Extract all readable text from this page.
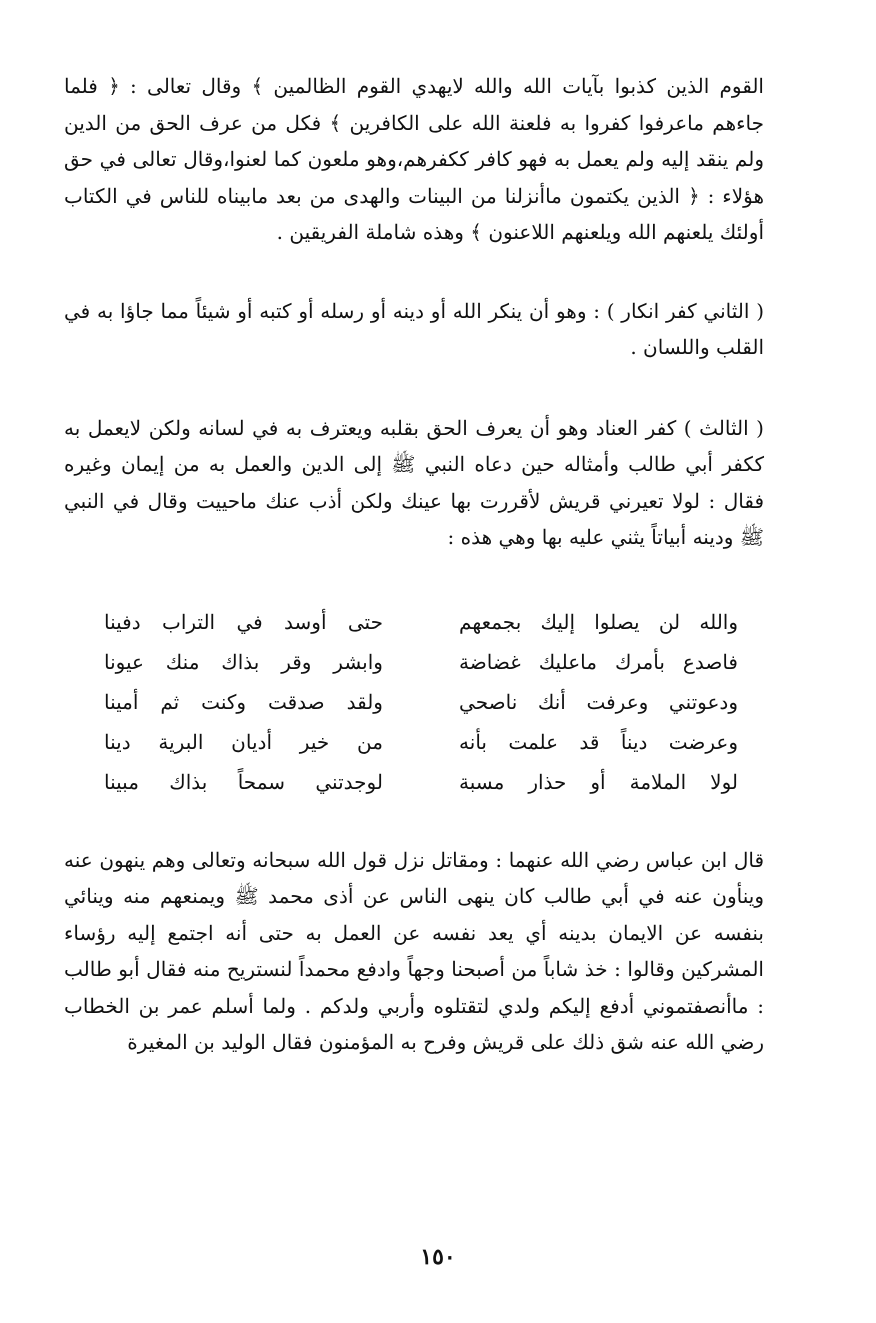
القوم الذين كذبوا بآيات الله والله لايهدي القوم الظالمين ﴾ وقال تعالى : ﴿ فلما جاءهم ماعرفوا كفروا به فلعنة الله على الكافرين ﴾ فكل من عرف الحق من الدين ولم ينقد إليه ولم يعمل به فهو كافر ككفرهم،وهو ملعون كما لعنوا،وقال تعالى في حق هؤلاء : ﴿ الذين يكتمون ماأنزلنا من البينات والهدى من بعد مابيناه للناس في الكتاب أولئك يلعنهم الله ويلعنهم اللاعنون ﴾ وهذه شاملة الفريقين .

( الثاني كفر انكار ) : وهو أن ينكر الله أو دينه أو رسله أو كتبه أو شيئاً مما جاؤا به في القلب واللسان .

( الثالث ) كفر العناد وهو أن يعرف الحق بقلبه ويعترف به في لسانه ولكن لايعمل به ككفر أبي طالب وأمثاله حين دعاه النبي ﷺ إلى الدين والعمل به من إيمان وغيره فقال : لولا تعيرني قريش لأقررت بها عينك ولكن أذب عنك ماحييت وقال في النبي ﷺ ودينه أبياتاً يثني عليه بها وهي هذه :

والله لن يصلوا إليك بجمعهم
حتى أوسد في التراب دفينا
فاصدع بأمرك ماعليك غضاضة
وابشر وقر بذاك منك عيونا
ودعوتني وعرفت أنك ناصحي
ولقد صدقت وكنت ثم أمينا
وعرضت ديناً قد علمت بأنه
من خير أديان البرية دينا
لولا الملامة أو حذار مسبة
لوجدتني سمحاً بذاك مبينا

قال ابن عباس رضي الله عنهما : ومقاتل نزل قول الله سبحانه وتعالى وهم ينهون عنه وينأون عنه في أبي طالب كان ينهى الناس عن أذى محمد ﷺ ويمنعهم منه وينائي بنفسه عن الايمان بدينه أي يعد نفسه عن العمل به حتى أنه اجتمع إليه رؤساء المشركين وقالوا : خذ شاباً من أصبحنا وجهاً وادفع محمداً لنستريح منه فقال أبو طالب : ماأنصفتموني أدفع إليكم ولدي لتقتلوه وأربي ولدكم . ولما أسلم عمر بن الخطاب رضي الله عنه شق ذلك على قريش وفرح به المؤمنون فقال الوليد بن المغيرة

١٥٠
